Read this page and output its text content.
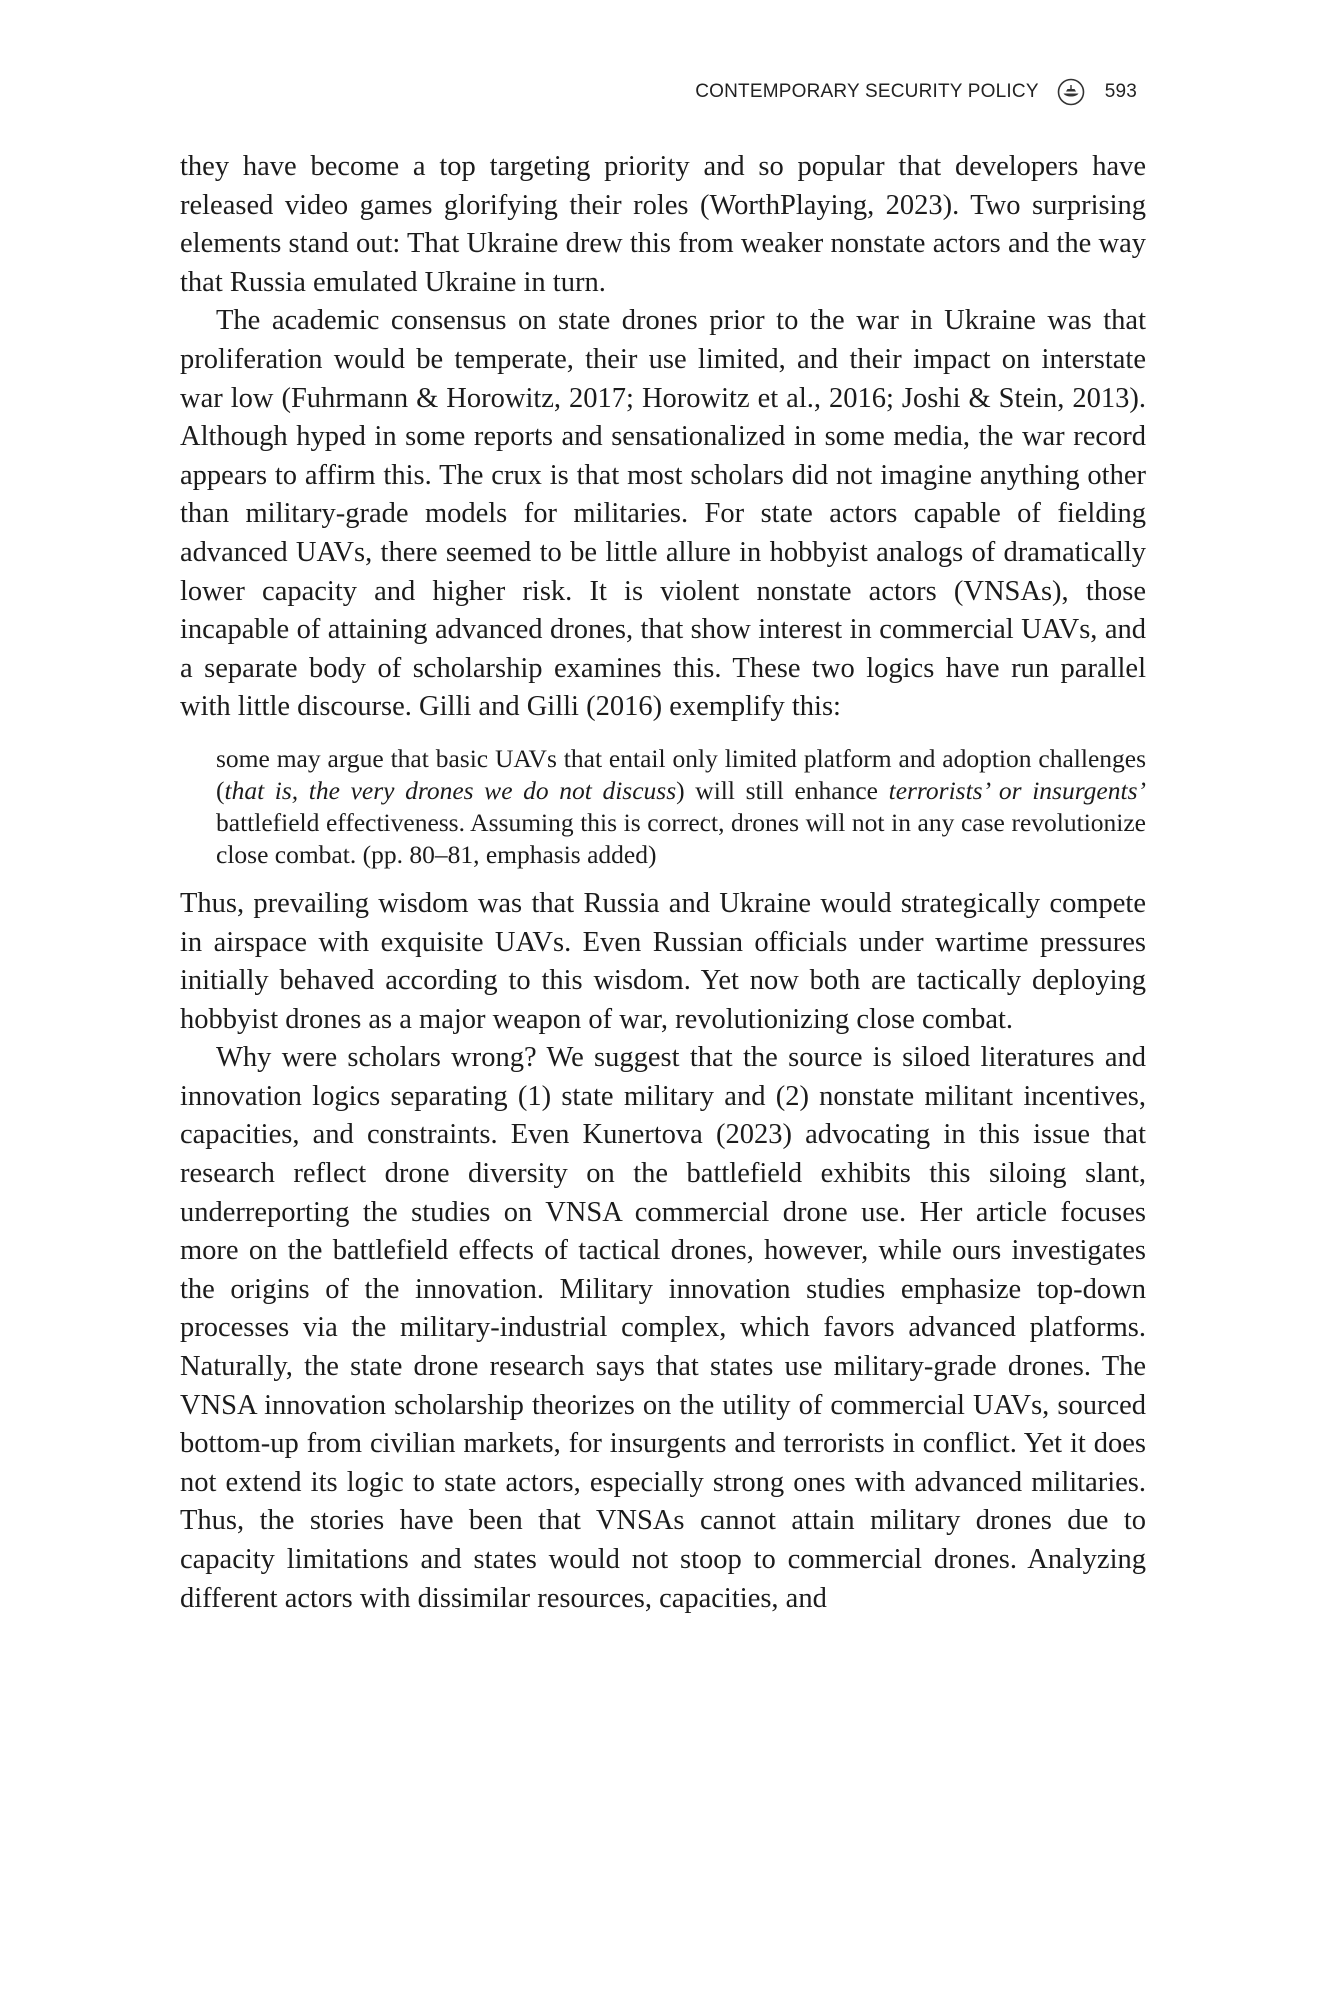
CONTEMPORARY SECURITY POLICY	593

they have become a top targeting priority and so popular that developers have released video games glorifying their roles (WorthPlaying, 2023). Two surprising elements stand out: That Ukraine drew this from weaker nonstate actors and the way that Russia emulated Ukraine in turn.

The academic consensus on state drones prior to the war in Ukraine was that proliferation would be temperate, their use limited, and their impact on interstate war low (Fuhrmann & Horowitz, 2017; Horowitz et al., 2016; Joshi & Stein, 2013). Although hyped in some reports and sensationalized in some media, the war record appears to affirm this. The crux is that most scholars did not imagine anything other than military-grade models for militaries. For state actors capable of fielding advanced UAVs, there seemed to be little allure in hobbyist analogs of dramatically lower capacity and higher risk. It is violent nonstate actors (VNSAs), those incapable of attaining advanced drones, that show interest in commercial UAVs, and a separate body of scholarship examines this. These two logics have run parallel with little discourse. Gilli and Gilli (2016) exemplify this:

some may argue that basic UAVs that entail only limited platform and adoption challenges (that is, the very drones we do not discuss) will still enhance terrorists’ or insurgents’ battlefield effectiveness. Assuming this is correct, drones will not in any case revolutionize close combat. (pp. 80–81, emphasis added)

Thus, prevailing wisdom was that Russia and Ukraine would strategically compete in airspace with exquisite UAVs. Even Russian officials under wartime pressures initially behaved according to this wisdom. Yet now both are tactically deploying hobbyist drones as a major weapon of war, revolutionizing close combat.

Why were scholars wrong? We suggest that the source is siloed literatures and innovation logics separating (1) state military and (2) nonstate militant incentives, capacities, and constraints. Even Kunertova (2023) advocating in this issue that research reflect drone diversity on the battlefield exhibits this siloing slant, underreporting the studies on VNSA commercial drone use. Her article focuses more on the battlefield effects of tactical drones, however, while ours investigates the origins of the innovation. Military innovation studies emphasize top-down processes via the military-industrial complex, which favors advanced platforms. Naturally, the state drone research says that states use military-grade drones. The VNSA innovation scholarship theorizes on the utility of commercial UAVs, sourced bottom-up from civilian markets, for insurgents and terrorists in conflict. Yet it does not extend its logic to state actors, especially strong ones with advanced militaries. Thus, the stories have been that VNSAs cannot attain military drones due to capacity limitations and states would not stoop to commercial drones. Analyzing different actors with dissimilar resources, capacities, and
